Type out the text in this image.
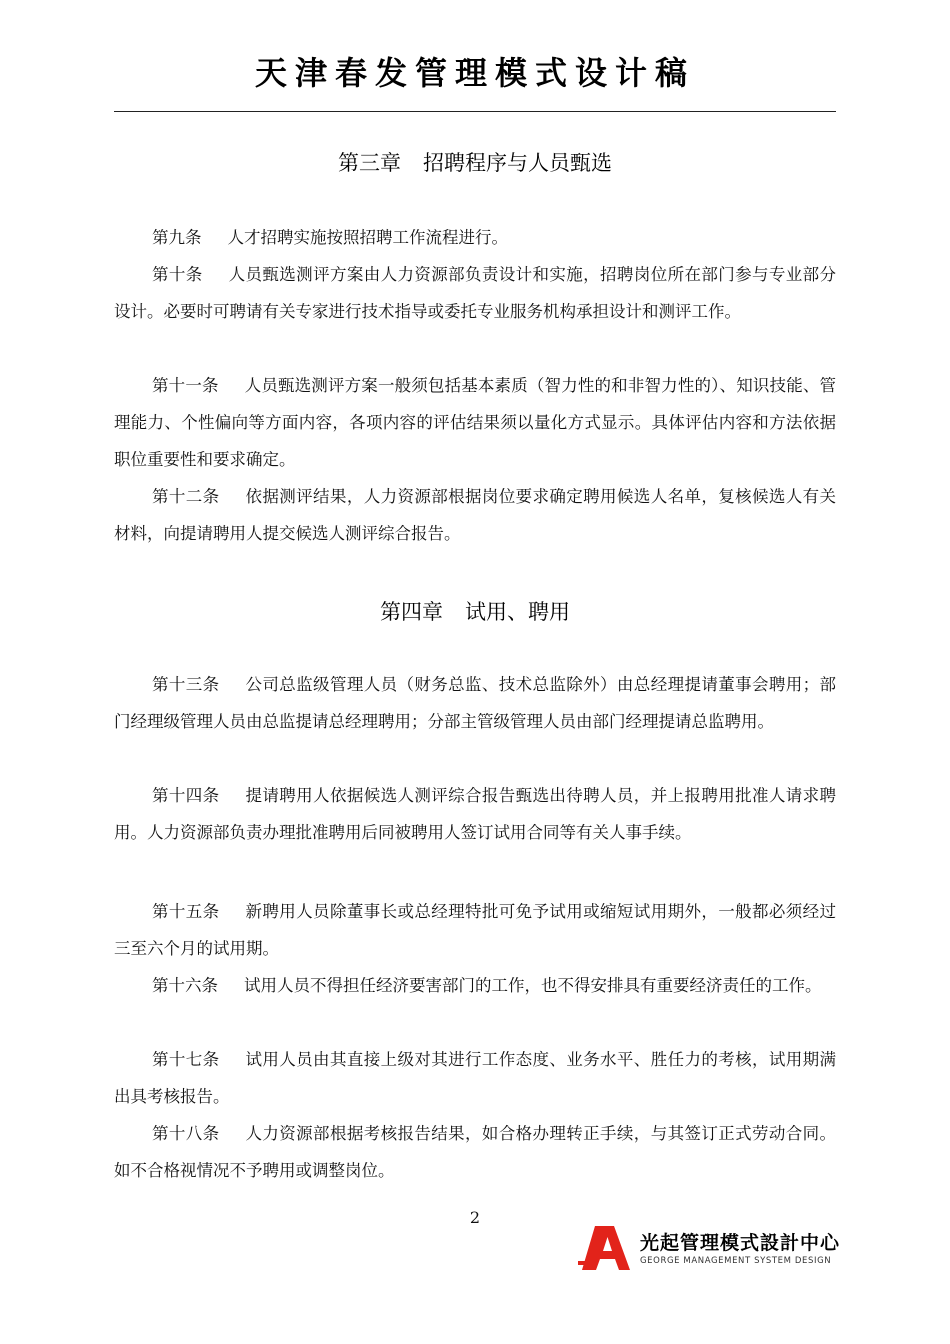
天津春发管理模式设计稿
第三章 招聘程序与人员甄选
第九条 人才招聘实施按照招聘工作流程进行。
第十条 人员甄选测评方案由人力资源部负责设计和实施，招聘岗位所在部门参与专业部分设计。必要时可聘请有关专家进行技术指导或委托专业服务机构承担设计和测评工作。
第十一条 人员甄选测评方案一般须包括基本素质（智力性的和非智力性的）、知识技能、管理能力、个性偏向等方面内容，各项内容的评估结果须以量化方式显示。具体评估内容和方法依据职位重要性和要求确定。
第十二条 依据测评结果，人力资源部根据岗位要求确定聘用候选人名单，复核候选人有关材料，向提请聘用人提交候选人测评综合报告。
第四章 试用、聘用
第十三条 公司总监级管理人员（财务总监、技术总监除外）由总经理提请董事会聘用；部门经理级管理人员由总监提请总经理聘用；分部主管级管理人员由部门经理提请总监聘用。
第十四条 提请聘用人依据候选人测评综合报告甄选出待聘人员，并上报聘用批准人请求聘用。人力资源部负责办理批准聘用后同被聘用人签订试用合同等有关人事手续。
第十五条 新聘用人员除董事长或总经理特批可免予试用或缩短试用期外，一般都必须经过三至六个月的试用期。
第十六条 试用人员不得担任经济要害部门的工作，也不得安排具有重要经济责任的工作。
第十七条 试用人员由其直接上级对其进行工作态度、业务水平、胜任力的考核，试用期满出具考核报告。
第十八条 人力资源部根据考核报告结果，如合格办理转正手续，与其签订正式劳动合同。如不合格视情况不予聘用或调整岗位。
2
光起管理模式設計中心
GEORGE MANAGEMENT SYSTEM DESIGN
